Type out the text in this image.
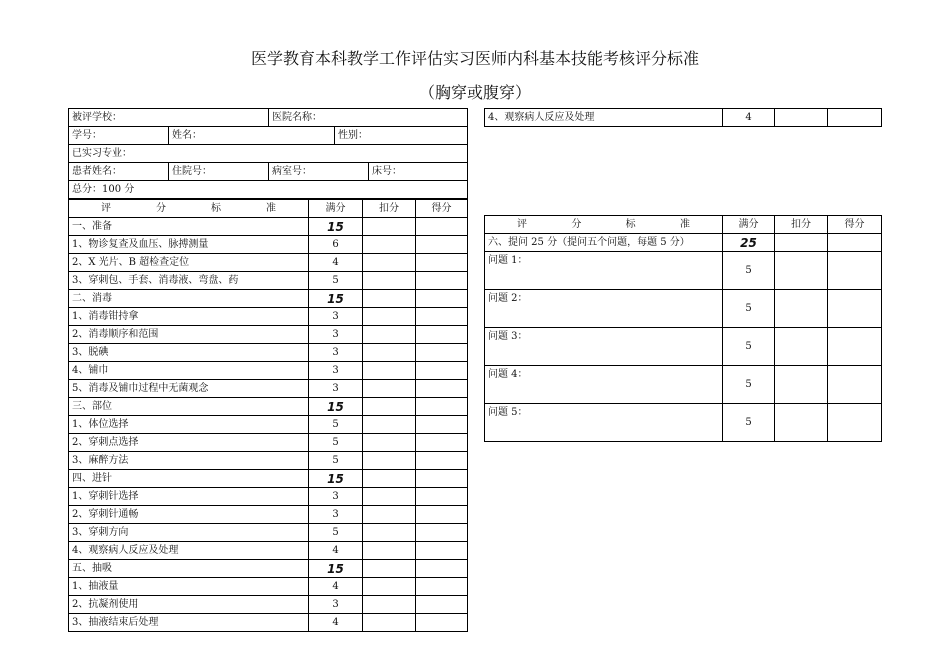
医学教育本科教学工作评估实习医师内科基本技能考核评分标准
（胸穿或腹穿）
被评学校：		医院名称：		
学号：	姓名：		性别：	
已实习专业：				
患者姓名：	住院号：	病室号：		床号：
总分：100 分				
评分标准	满分	扣分	得分
一、准备	15		
1、物诊复查及血压、脉搏测量	6		
2、X 光片、B 超检查定位	4		
3、穿刺包、手套、消毒液、弯盘、药	5		
二、消毒	15		
1、消毒钳持拿	3		
2、消毒顺序和范围	3		
3、脱碘	3		
4、铺巾	3		
5、消毒及铺巾过程中无菌观念	3		
三、部位	15		
1、体位选择	5		
2、穿刺点选择	5		
3、麻醉方法	5		
四、进针	15		
1、穿刺针选择	3		
2、穿刺针通畅	3		
3、穿刺方向	5		
4、观察病人反应及处理	4		
五、抽吸	15		
1、抽液量	4		
2、抗凝剂使用	3		
3、抽液结束后处理	4		
4、观察病人反应及处理	4		
评分标准	满分	扣分	得分
六、提问 25 分（提问五个问题，每题 5 分）	25		
问题 1：	5		
问题 2：	5		
问题 3：	5		
问题 4：	5		
问题 5：	5		
